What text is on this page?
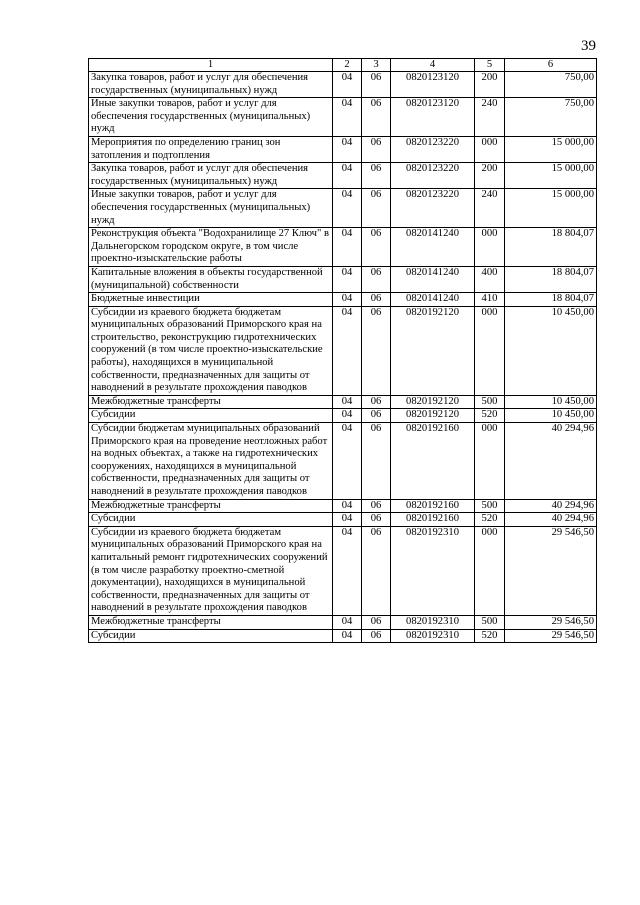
39
1	2	3	4	5	6
Закупка товаров, работ и услуг для обеспечения государственных (муниципальных) нужд	04	06	0820123120	200	750,00
Иные закупки товаров, работ и услуг для обеспечения государственных (муниципальных) нужд	04	06	0820123120	240	750,00
Мероприятия по определению границ зон затопления и подтопления	04	06	0820123220	000	15 000,00
Закупка товаров, работ и услуг для обеспечения государственных (муниципальных) нужд	04	06	0820123220	200	15 000,00
Иные закупки товаров, работ и услуг для обеспечения государственных (муниципальных) нужд	04	06	0820123220	240	15 000,00
Реконструкция объекта "Водохранилище 27 Ключ" в Дальнегорском городском округе, в том числе проектно-изыскательские работы	04	06	0820141240	000	18 804,07
Капитальные вложения в объекты государственной (муниципальной) собственности	04	06	0820141240	400	18 804,07
Бюджетные инвестиции	04	06	0820141240	410	18 804,07
Субсидии из краевого бюджета бюджетам муниципальных образований Приморского края на строительство, реконструкцию гидротехнических сооружений (в том числе проектно-изыскательские работы), находящихся в муниципальной собственности, предназначенных для защиты от наводнений в результате прохождения паводков	04	06	0820192120	000	10 450,00
Межбюджетные трансферты	04	06	0820192120	500	10 450,00
Субсидии	04	06	0820192120	520	10 450,00
Субсидии бюджетам муниципальных образований Приморского края на проведение неотложных работ на водных объектах, а также на гидротехнических сооружениях, находящихся в муниципальной собственности, предназначенных для защиты от наводнений в результате прохождения паводков	04	06	0820192160	000	40 294,96
Межбюджетные трансферты	04	06	0820192160	500	40 294,96
Субсидии	04	06	0820192160	520	40 294,96
Субсидии из краевого бюджета бюджетам муниципальных образований Приморского края на капитальный ремонт гидротехнических сооружений (в том числе разработку проектно-сметной документации), находящихся в муниципальной собственности, предназначенных для защиты от наводнений в результате прохождения паводков	04	06	0820192310	000	29 546,50
Межбюджетные трансферты	04	06	0820192310	500	29 546,50
Субсидии	04	06	0820192310	520	29 546,50
